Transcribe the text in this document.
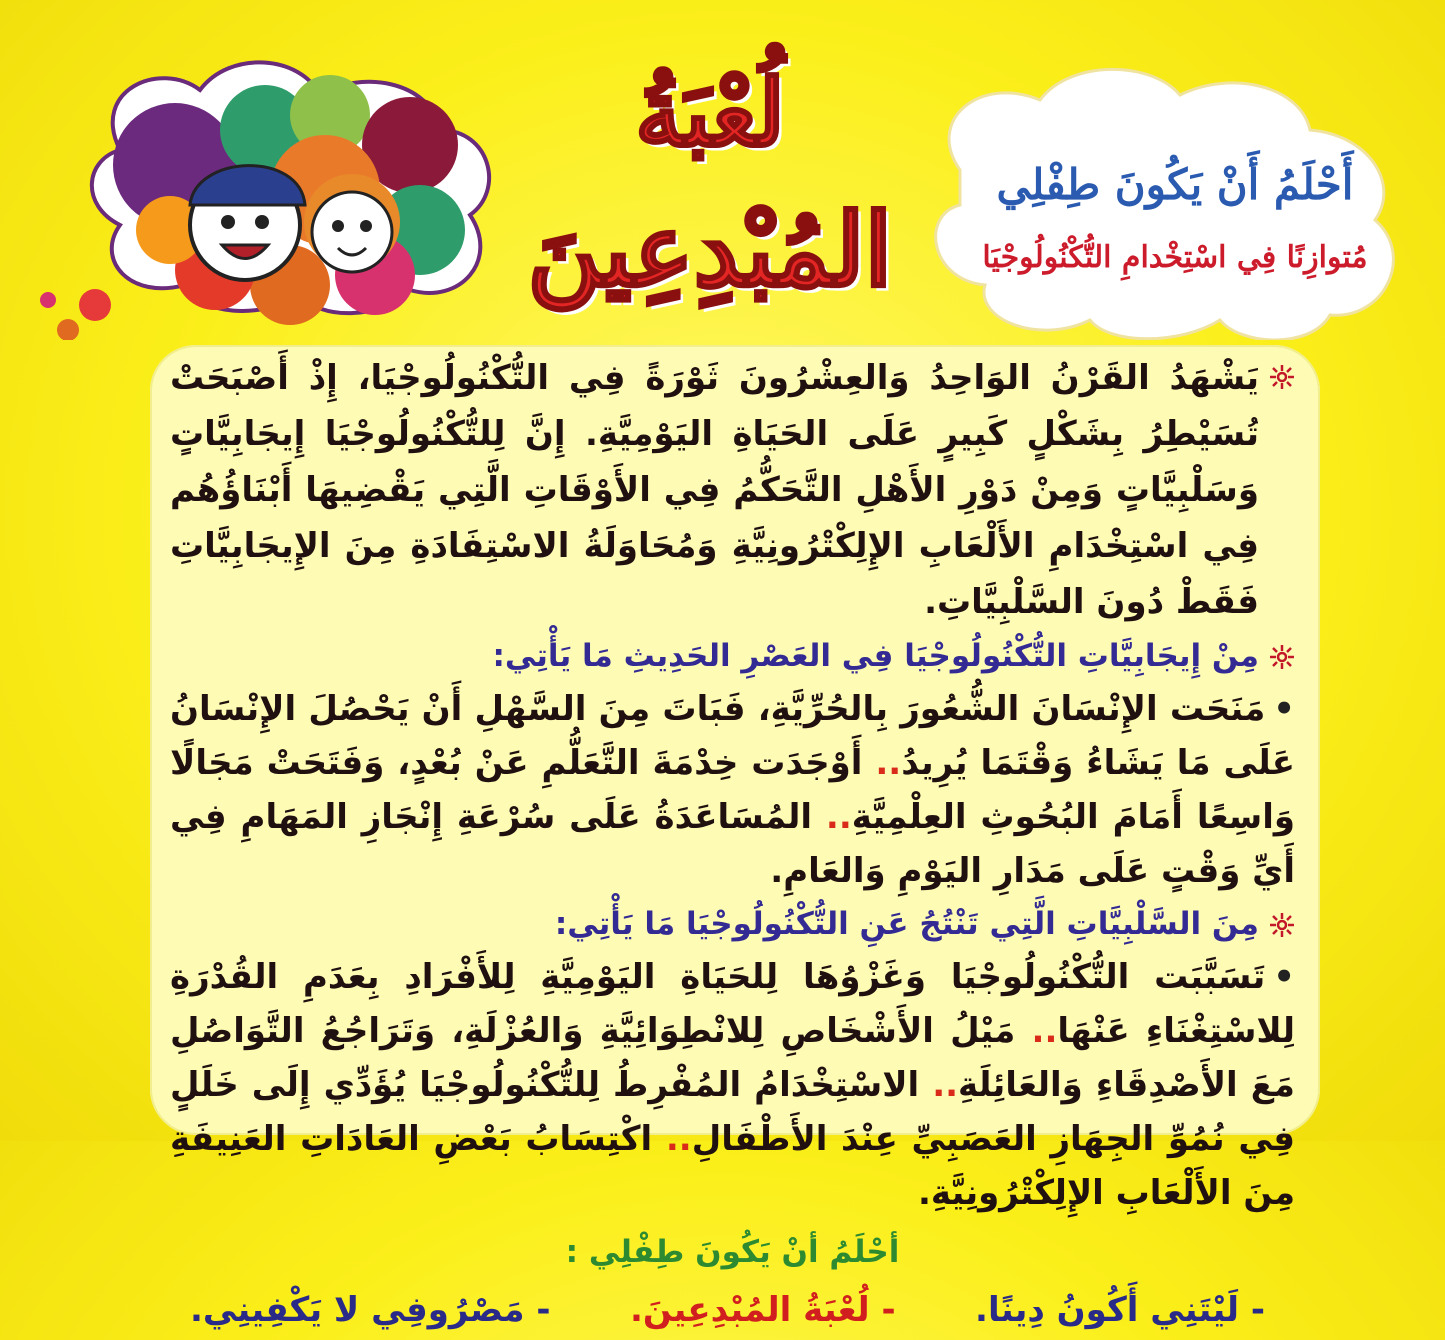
لُعْبَةُ
المُبْدِعِينَ
أَحْلَمُ أَنْ يَكُونَ طِفْلِي
مُتوازِنًا فِي اسْتِخْدامِ التُّكْنُولُوجْيَا
يَشْهَدُ القَرْنُ الوَاحِدُ وَالعِشْرُونَ ثَوْرَةً فِي التُّكْنُولُوجْيَا، إِذْ أَصْبَحَتْ تُسَيْطِرُ بِشَكْلٍ كَبِيرٍ عَلَى الحَيَاةِ اليَوْمِيَّةِ. إِنَّ لِلتُّكْنُولُوجْيَا إِيجَابِيَّاتٍ وَسَلْبِيَّاتٍ وَمِنْ دَوْرِ الأَهْلِ التَّحَكُّمُ فِي الأَوْقَاتِ الَّتِي يَقْضِيهَا أَبْنَاؤُهُم فِي اسْتِخْدَامِ الأَلْعَابِ الإِلِكْتْرُونِيَّةِ وَمُحَاوَلَةُ الاسْتِفَادَةِ مِنَ الإِيجَابِيَّاتِ فَقَطْ دُونَ السَّلْبِيَّاتِ.
مِنْ إِيجَابِيَّاتِ التُّكْنُولُوجْيَا فِي العَصْرِ الحَدِيثِ مَا يَأْتِي:
•مَنَحَت الإِنْسَانَ الشُّعُورَ بِالحُرِّيَّةِ، فَبَاتَ مِنَ السَّهْلِ أَنْ يَحْصُلَ الإِنْسَانُ عَلَى مَا يَشَاءُ وَقْتَمَا يُرِيدُ.. أَوْجَدَت خِدْمَةَ التَّعَلُّمِ عَنْ بُعْدٍ، وَفَتَحَتْ مَجَالًا وَاسِعًا أَمَامَ البُحُوثِ العِلْمِيَّةِ.. المُسَاعَدَةُ عَلَى سُرْعَةِ إِنْجَازِ المَهَامِ فِي أَيِّ وَقْتٍ عَلَى مَدَارِ اليَوْمِ وَالعَامِ.
مِنَ السَّلْبِيَّاتِ الَّتِي تَنْتُجُ عَنِ التُّكْنُولُوجْيَا مَا يَأْتِي:
•تَسَبَّبَت التُّكْنُولُوجْيَا وَغَزْوُهَا لِلحَيَاةِ اليَوْمِيَّةِ لِلأَفْرَادِ بِعَدَمِ القُدْرَةِ لِلاسْتِغْنَاءِ عَنْهَا.. مَيْلُ الأَشْخَاصِ لِلانْطِوَائِيَّةِ وَالعُزْلَةِ، وَتَرَاجُعُ التَّوَاصُلِ مَعَ الأَصْدِقَاءِ وَالعَائِلَةِ.. الاسْتِخْدَامُ المُفْرِطُ لِلتُّكْنُولُوجْيَا يُؤَدِّي إِلَى خَلَلٍ فِي نُمُوِّ الجِهَازِ العَصَبِيِّ عِنْدَ الأَطْفَالِ.. اكْتِسَابُ بَعْضِ العَادَاتِ العَنِيفَةِ مِنَ الأَلْعَابِ الإِلِكْتْرُونِيَّةِ.
أحْلَمُ أنْ يَكُونَ طِفْلِي :
- لَيْتَنِي أَكُونُ دِينًا.
- لُعْبَةُ المُبْدِعِينَ.
- مَصْرُوفِي لا يَكْفِينِي.
